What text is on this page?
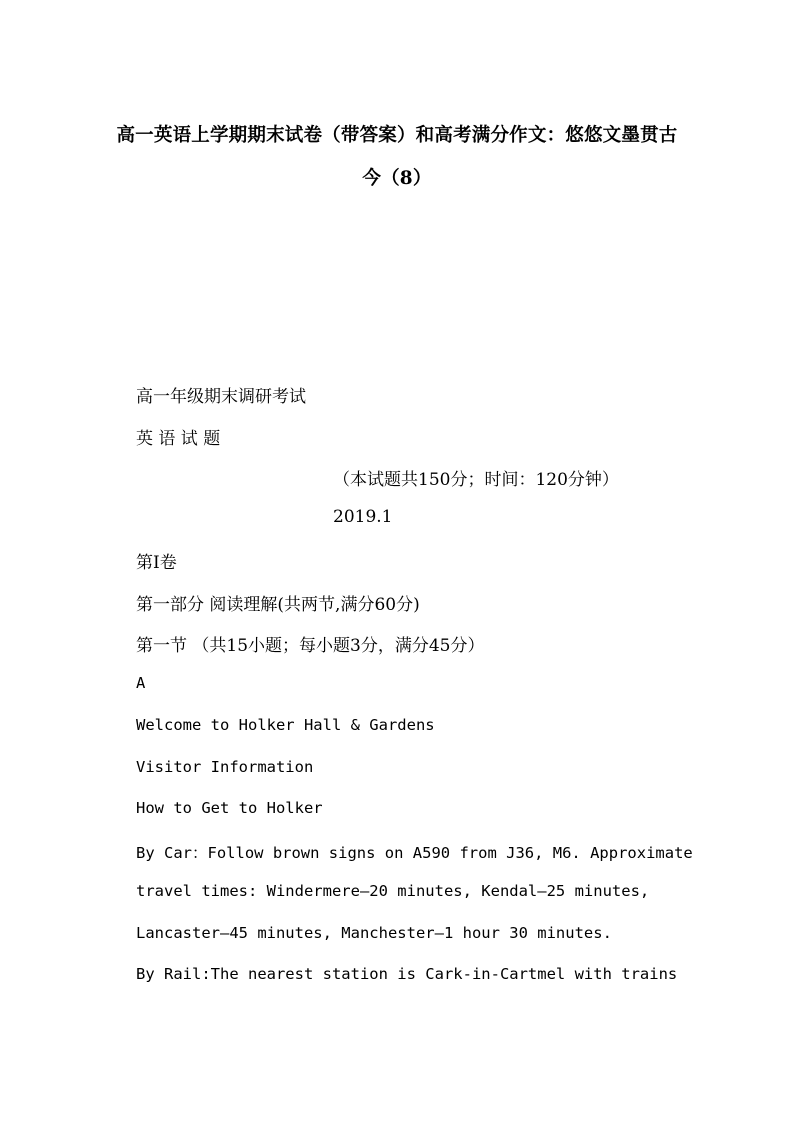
高一英语上学期期末试卷（带答案）和高考满分作文：悠悠文墨贯古
今（8）
高一年级期末调研考试
英 语 试 题
（本试题共150分；时间：120分钟）
2019.1
第Ⅰ卷
第一部分 阅读理解(共两节,满分60分)
第一节 （共15小题；每小题3分，满分45分）
A
Welcome to Holker Hall & Gardens
Visitor Information
How to Get to Holker
By Car：Follow brown signs on A590 from J36, M6. Approximate
travel times: Windermere—20 minutes, Kendal—25 minutes,
Lancaster—45 minutes, Manchester—1 hour 30 minutes.
By Rail:The nearest station is Cark-in-Cartmel with trains
